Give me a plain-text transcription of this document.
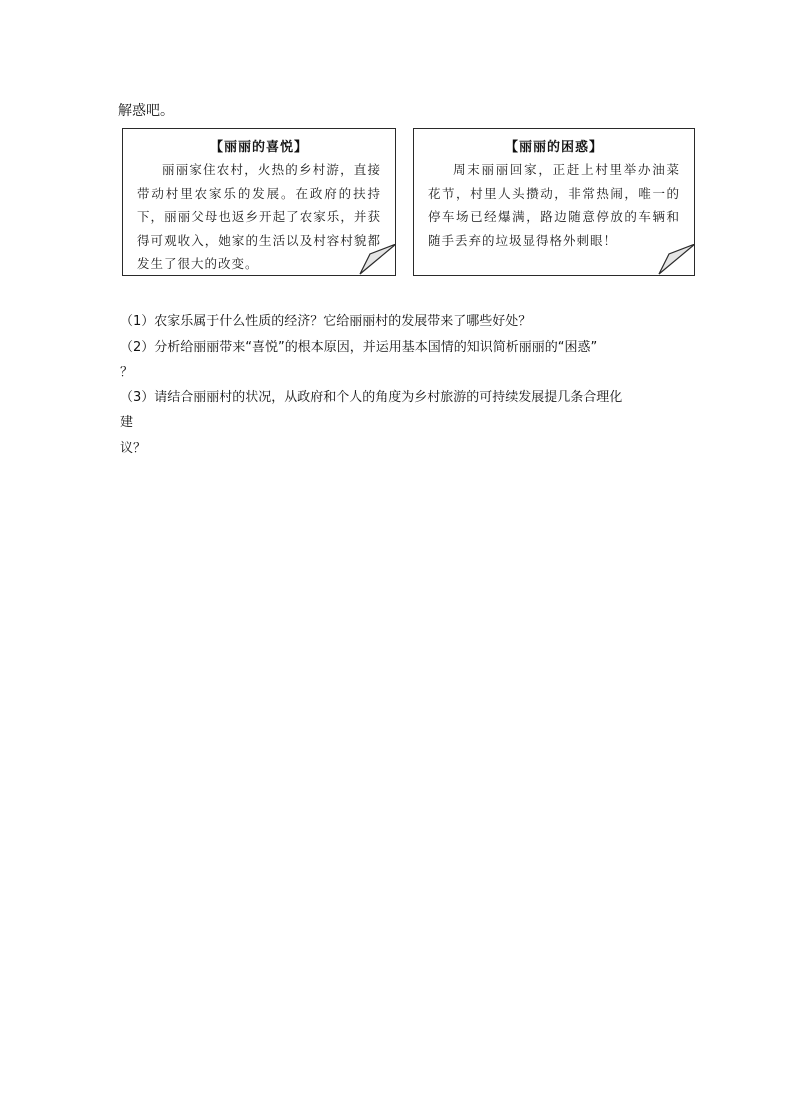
解惑吧。
【丽丽的喜悦】
丽丽家住农村，火热的乡村游，直接带动村里农家乐的发展。在政府的扶持下，丽丽父母也返乡开起了农家乐，并获得可观收入，她家的生活以及村容村貌都发生了很大的改变。
【丽丽的困惑】
周末丽丽回家，正赶上村里举办油菜花节，村里人头攒动，非常热闹，唯一的停车场已经爆满，路边随意停放的车辆和随手丢弃的垃圾显得格外刺眼！
（1）农家乐属于什么性质的经济？它给丽丽村的发展带来了哪些好处？
（2）分析给丽丽带来“喜悦”的根本原因，并运用基本国情的知识简析丽丽的“困惑”
？
（3）请结合丽丽村的状况，从政府和个人的角度为乡村旅游的可持续发展提几条合理化
建
议？
